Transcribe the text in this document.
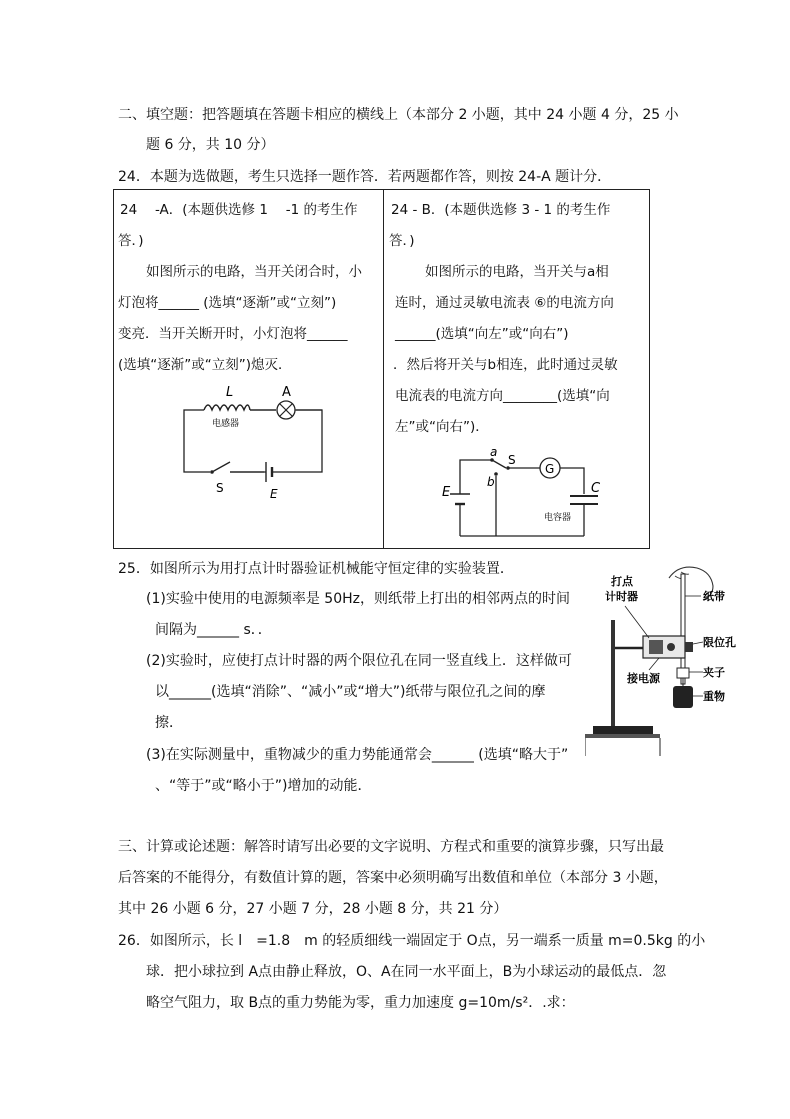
二、填空题：把答题填在答题卡相应的横线上（本部分 2 小题，其中 24 小题 4 分，25 小
题 6 分，共 10 分）
24．本题为选做题，考生只选择一题作答．若两题都作答，则按 24-A 题计分．
24　 -A．(本题供选修 1　 -1 的考生作
答．)
如图所示的电路，当开关闭合时，小
灯泡将______ (选填“逐渐”或“立刻”)
变亮．当开关断开时，小灯泡将______
(选填“逐渐”或“立刻”)熄灭．
L	A
电感器
S	E
24 - B．(本题供选修 3 - 1 的考生作
答．)
如图所示的电路，当开关与a相
连时，通过灵敏电流表 ⑥的电流方向
______(选填“向左”或“向右”)
．然后将开关与b相连，此时通过灵敏
电流表的电流方向________(选填“向
左”或“向右”)．
G
a
b
S
E	C
电容器
25．如图所示为用打点计时器验证机械能守恒定律的实验装置．
(1)实验中使用的电源频率是 50Hz，则纸带上打出的相邻两点的时间
间隔为______ s．．
(2)实验时，应使打点计时器的两个限位孔在同一竖直线上．这样做可
以______(选填“消除”、“减小”或“增大”)纸带与限位孔之间的摩
擦．
(3)在实际测量中，重物减少的重力势能通常会______ (选填“略大于”
、“等于”或“略小于”)增加的动能．
打点
计时器	纸带
限位孔
夹子
接电源
重物
三、计算或论述题：解答时请写出必要的文字说明、方程式和重要的演算步骤，只写出最
后答案的不能得分，有数值计算的题，答案中必须明确写出数值和单位（本部分 3 小题，
其中 26 小题 6 分，27 小题 7 分，28 小题 8 分，共 21 分）
26．如图所示，长 l　=1.8　m 的轻质细线一端固定于 O点，另一端系一质量 m=0.5kg 的小
球．把小球拉到 A点由静止释放，O、A在同一水平面上，B为小球运动的最低点．忽
略空气阻力，取 B点的重力势能为零，重力加速度 g=10m/s²．.求：
